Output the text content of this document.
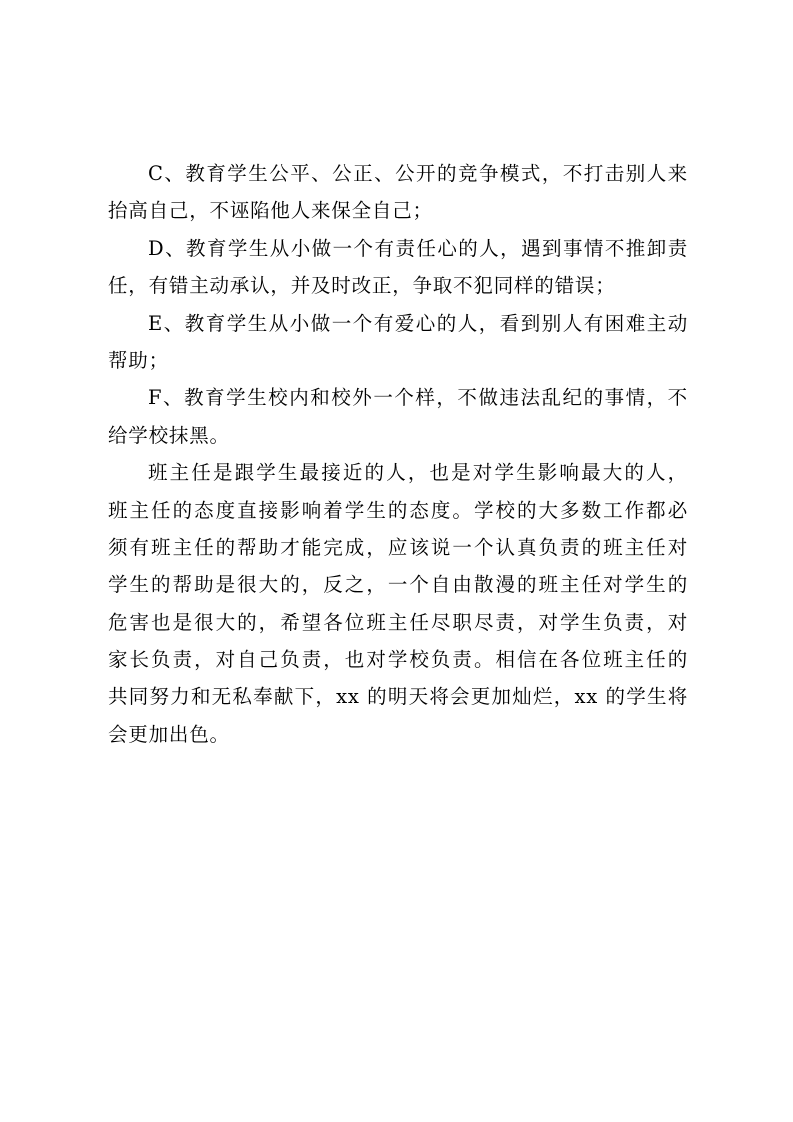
C、教育学生公平、公正、公开的竞争模式，不打击别人来
抬高自己，不诬陷他人来保全自己；

D、教育学生从小做一个有责任心的人，遇到事情不推卸责
任，有错主动承认，并及时改正，争取不犯同样的错误；

E、教育学生从小做一个有爱心的人，看到别人有困难主动
帮助；

F、教育学生校内和校外一个样，不做违法乱纪的事情，不
给学校抹黑。

班主任是跟学生最接近的人，也是对学生影响最大的人，
班主任的态度直接影响着学生的态度。学校的大多数工作都必
须有班主任的帮助才能完成，应该说一个认真负责的班主任对
学生的帮助是很大的，反之，一个自由散漫的班主任对学生的
危害也是很大的，希望各位班主任尽职尽责，对学生负责，对
家长负责，对自己负责，也对学校负责。相信在各位班主任的
共同努力和无私奉献下，xx 的明天将会更加灿烂，xx 的学生将
会更加出色。
